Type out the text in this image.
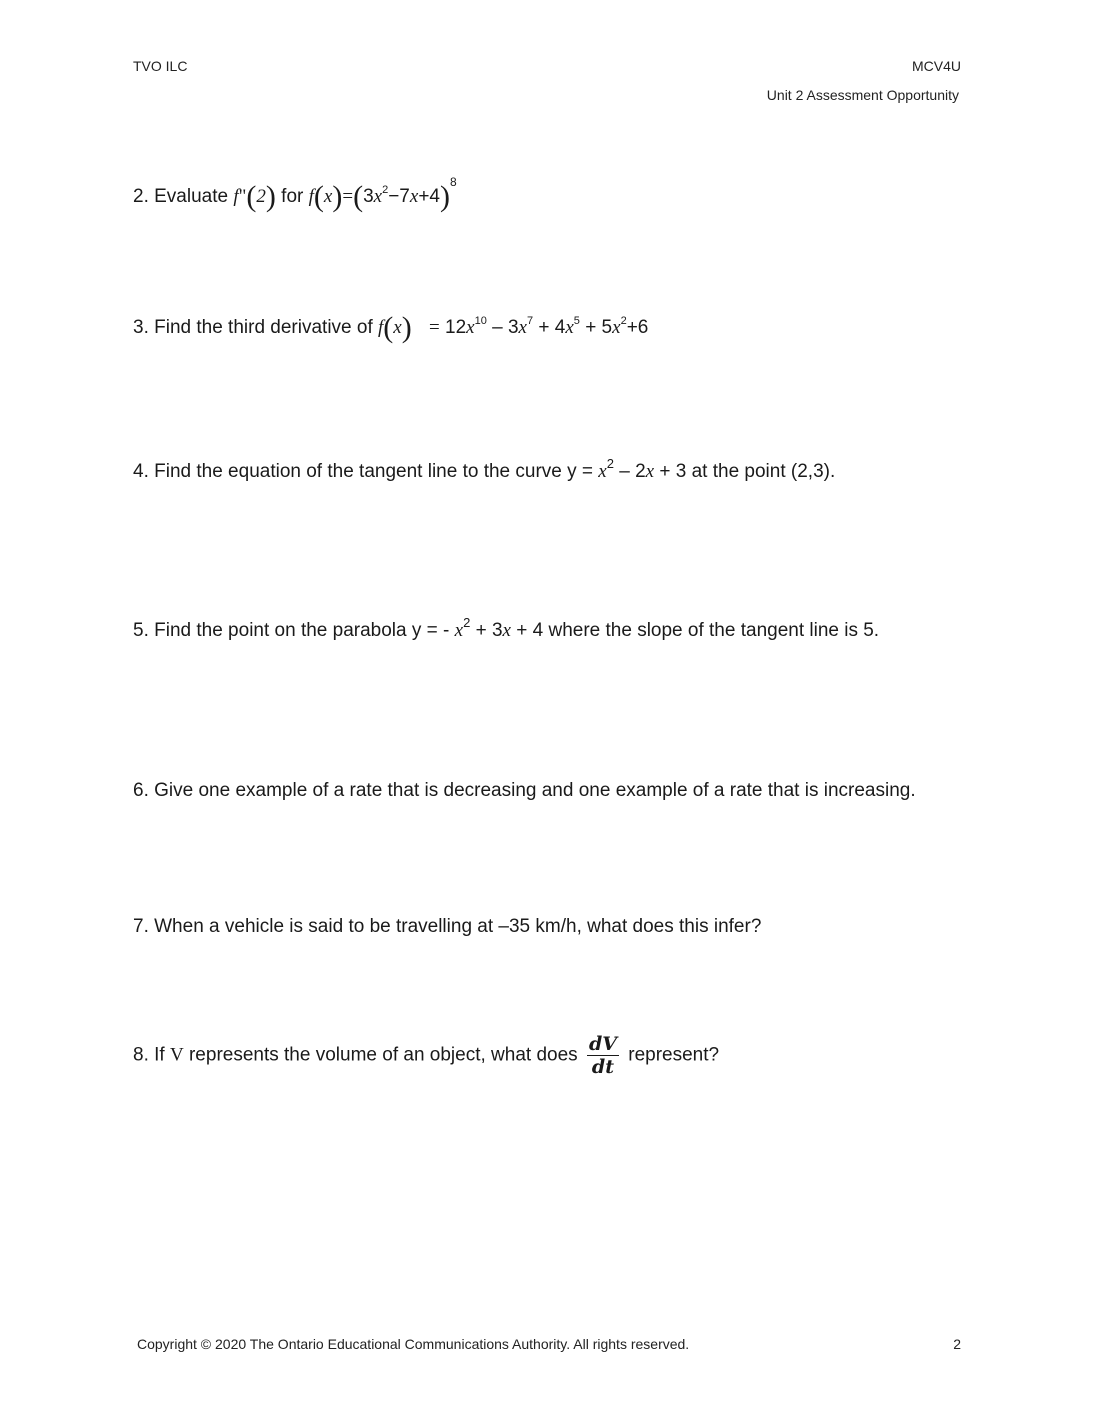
TVO ILC	MCV4U
Unit 2 Assessment Opportunity
2. Evaluate f"(2) for $f(x)=(3x^2-7x+4)^8$
3. Find the third derivative of $f(x) = 12x^{10} - 3x^7 + 4x^5 + 5x^2+6$
4. Find the equation of the tangent line to the curve $y = x^2 - 2x + 3$ at the point (2,3).
5. Find the point on the parabola y = - $x^2 + 3x + 4$ where the slope of the tangent line is 5.
6. Give one example of a rate that is decreasing and one example of a rate that is increasing.
7. When a vehicle is said to be travelling at –35 km/h, what does this infer?
8. If V represents the volume of an object, what does $\frac{dV}{dt}$ represent?
Copyright © 2020 The Ontario Educational Communications Authority. All rights reserved.	2
